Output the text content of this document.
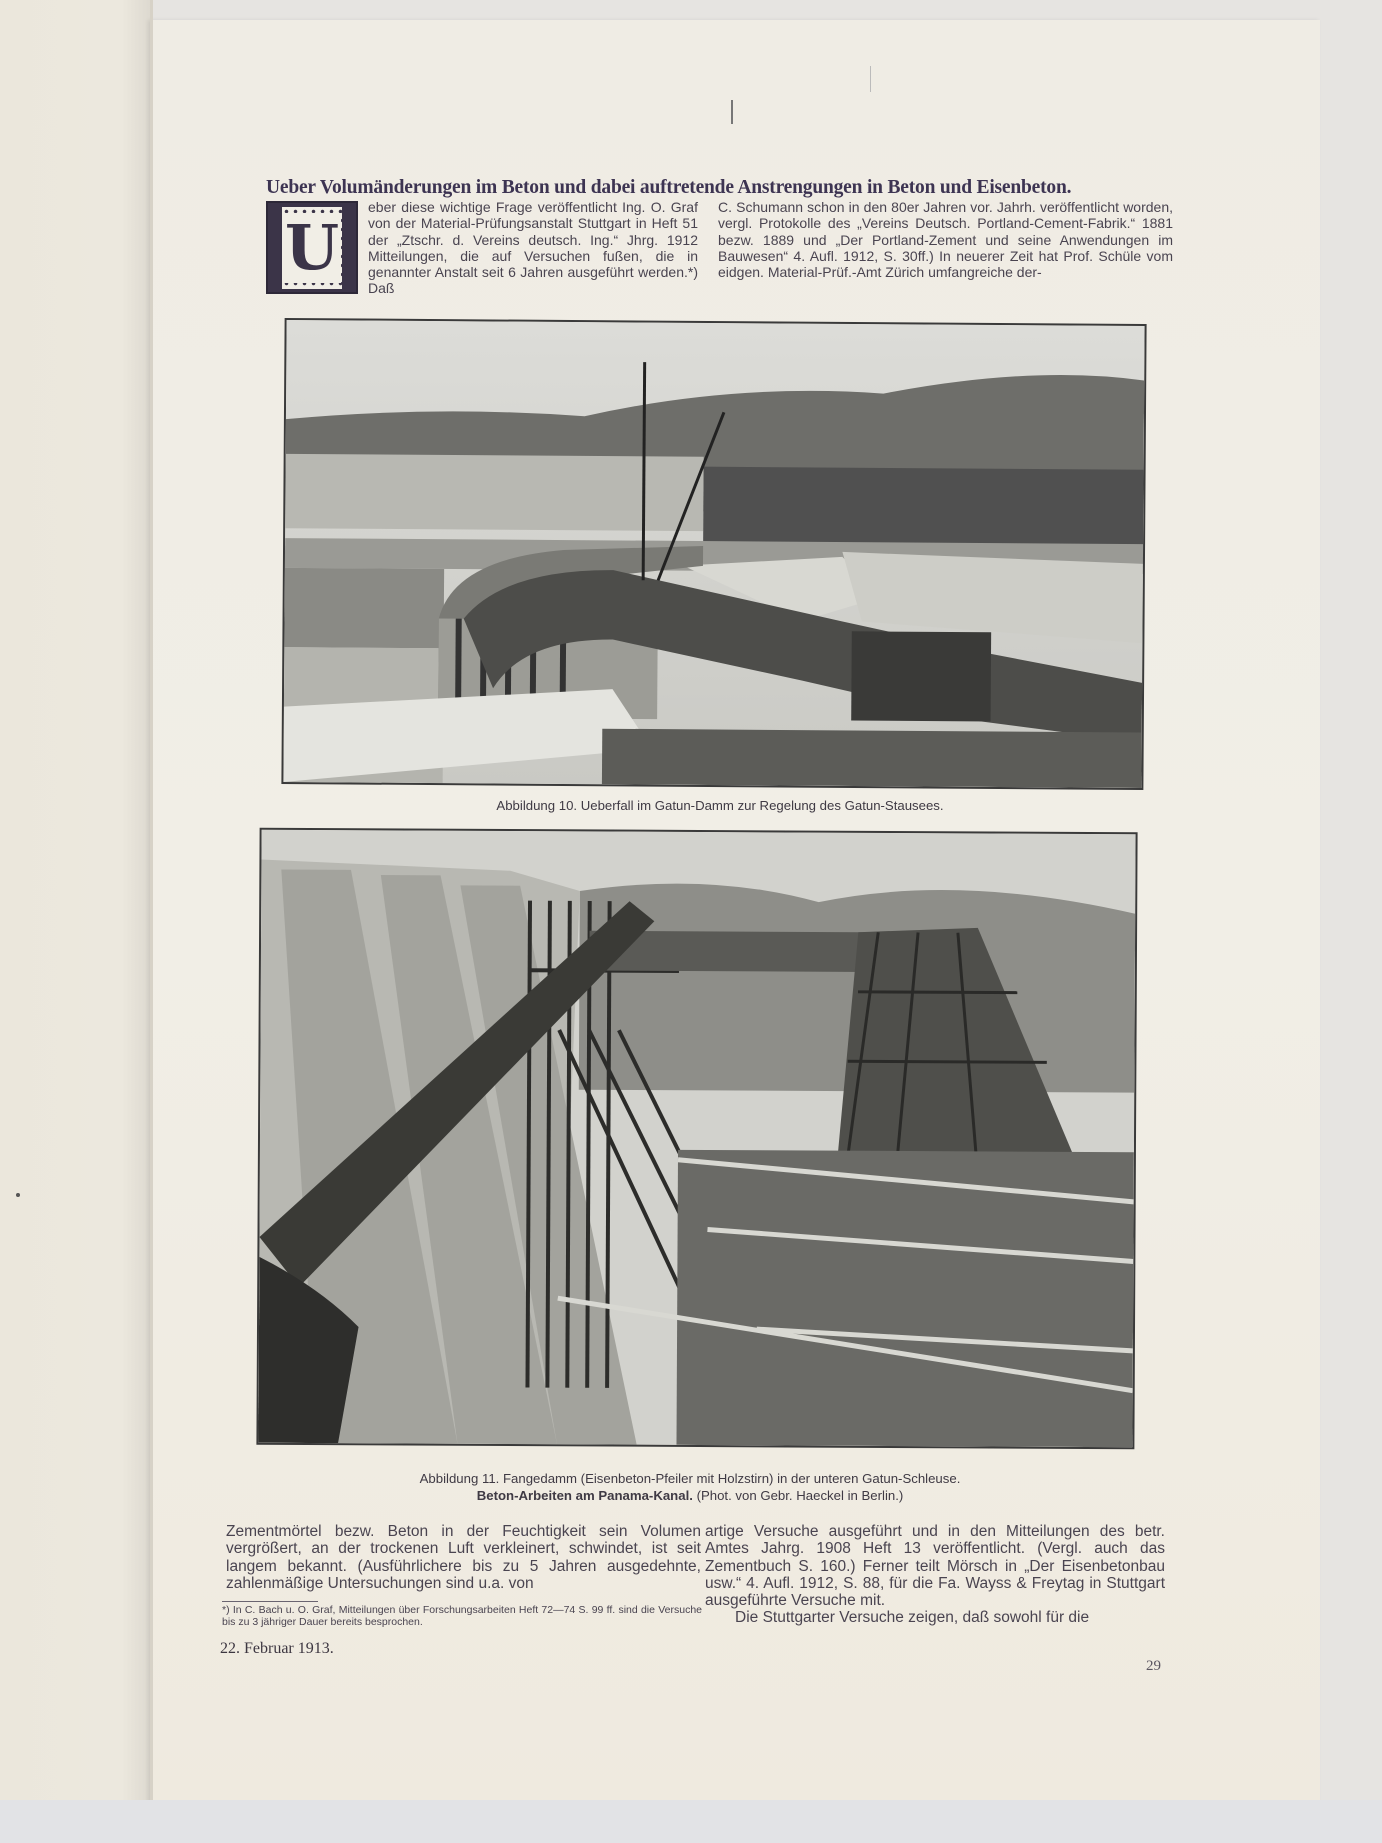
Ueber Volumänderungen im Beton und dabei auftretende Anstrengungen in Beton und Eisenbeton.
U

eber diese wichtige Frage veröffentlicht Ing. O. Graf von der Material-Prüfungsanstalt Stuttgart in Heft 51 der „Ztschr. d. Vereins deutsch. Ing.“ Jhrg. 1912 Mitteilungen, die auf Versuchen fußen, die in genannter Anstalt seit 6 Jahren ausgeführt werden.*) Daß

C. Schumann schon in den 80er Jahren vor. Jahrh. veröffentlicht worden, vergl. Protokolle des „Vereins Deutsch. Portland-Cement-Fabrik.“ 1881 bezw. 1889 und „Der Portland-Zement und seine Anwendungen im Bauwesen“ 4. Aufl. 1912, S. 30ff.) In neuerer Zeit hat Prof. Schüle vom eidgen. Material-Prüf.-Amt Zürich umfangreiche der-

Abbildung 10. Ueberfall im Gatun-Damm zur Regelung des Gatun-Stausees.
Abbildung 11. Fangedamm (Eisenbeton-Pfeiler mit Holzstirn) in der unteren Gatun-Schleuse.
Beton-Arbeiten am Panama-Kanal. (Phot. von Gebr. Haeckel in Berlin.)

Zementmörtel bezw. Beton in der Feuchtigkeit sein Volumen vergrößert, an der trockenen Luft verkleinert, schwindet, ist seit langem bekannt. (Ausführlichere bis zu 5 Jahren ausgedehnte, zahlenmäßige Untersuchungen sind u.a. von

artige Versuche ausgeführt und in den Mitteilungen des betr. Amtes Jahrg. 1908 Heft 13 veröffentlicht. (Vergl. auch das Zementbuch S. 160.) Ferner teilt Mörsch in „Der Eisenbetonbau usw.“ 4. Aufl. 1912, S. 88, für die Fa. Wayss & Freytag in Stuttgart ausgeführte Versuche mit.

Die Stuttgarter Versuche zeigen, daß sowohl für die

*) In C. Bach u. O. Graf, Mitteilungen über Forschungsarbeiten Heft 72—74 S. 99 ff. sind die Versuche bis zu 3 jähriger Dauer bereits besprochen.

22. Februar 1913.
29
